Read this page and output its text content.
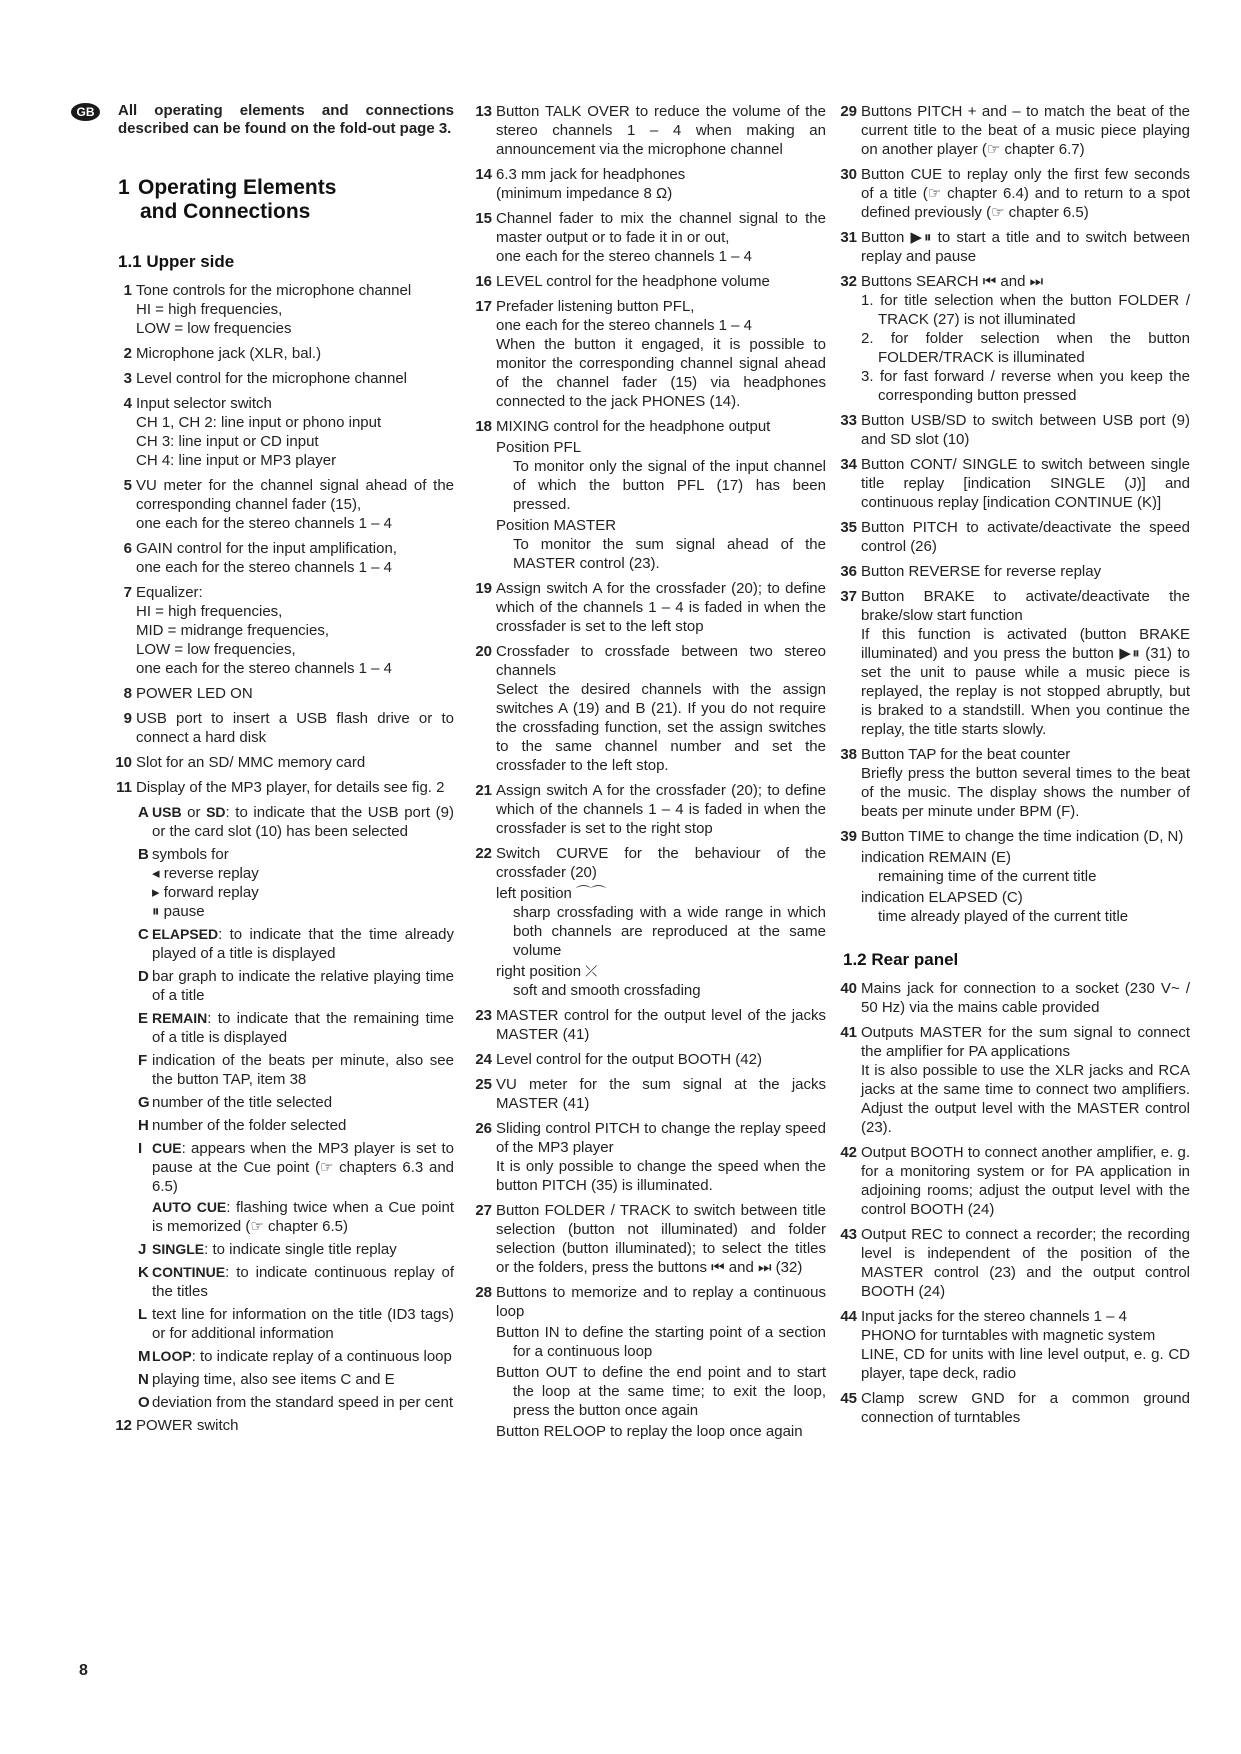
GB	All operating elements and connections described can be found on the fold-out page 3.

1 Operating Elements
and Connections
1.1 Upper side
1 Tone controls for the microphone channel
HI = high frequencies,
LOW = low frequencies
2 Microphone jack (XLR, bal.)
3 Level control for the microphone channel
4 Input selector switch
CH 1, CH 2: line input or phono input
CH 3: line input or CD input
CH 4: line input or MP3 player
5 VU meter for the channel signal ahead of the corresponding channel fader (15),
one each for the stereo channels 1 – 4
6 GAIN control for the input amplification,
one each for the stereo channels 1 – 4
7 Equalizer:
HI = high frequencies,
MID = midrange frequencies,
LOW = low frequencies,
one each for the stereo channels 1 – 4
8 POWER LED ON
9 USB port to insert a USB flash drive or to connect a hard disk
10 Slot for an SD/ MMC memory card
11 Display of the MP3 player, for details see fig. 2
A USB or SD: to indicate that the USB port (9) or the card slot (10) has been selected
B symbols for
◂ reverse replay
▸ forward replay
⏸ pause
C ELAPSED: to indicate that the time already played of a title is displayed
D bar graph to indicate the relative playing time of a title
E REMAIN: to indicate that the remaining time of a title is displayed
F indication of the beats per minute, also see the button TAP, item 38
G number of the title selected
H number of the folder selected
I CUE: appears when the MP3 player is set to pause at the Cue point (☞ chapters 6.3 and 6.5)
AUTO CUE: flashing twice when a Cue point is memorized (☞ chapter 6.5)
J SINGLE: to indicate single title replay
K CONTINUE: to indicate continuous replay of the titles
L text line for information on the title (ID3 tags) or for additional information
M LOOP: to indicate replay of a continuous loop
N playing time, also see items C and E
O deviation from the standard speed in per cent
12 POWER switch
13 Button TALK OVER to reduce the volume of the stereo channels 1 – 4 when making an announcement via the microphone channel
14 6.3 mm jack for headphones
(minimum impedance 8 Ω)
15 Channel fader to mix the channel signal to the master output or to fade it in or out,
one each for the stereo channels 1 – 4
16 LEVEL control for the headphone volume
17 Prefader listening button PFL,
one each for the stereo channels 1 – 4
When the button it engaged, it is possible to monitor the corresponding channel signal ahead of the channel fader (15) via headphones connected to the jack PHONES (14).
18 MIXING control for the headphone output
Position PFL
To monitor only the signal of the input channel of which the button PFL (17) has been pressed.
Position MASTER
To monitor the sum signal ahead of the MASTER control (23).
19 Assign switch A for the crossfader (20); to define which of the channels 1 – 4 is faded in when the crossfader is set to the left stop
20 Crossfader to crossfade between two stereo channels
Select the desired channels with the assign switches A (19) and B (21). If you do not require the crossfading function, set the assign switches to the same channel number and set the crossfader to the left stop.
21 Assign switch A for the crossfader (20); to define which of the channels 1 – 4 is faded in when the crossfader is set to the right stop
22 Switch CURVE for the behaviour of the crossfader (20)
left position ⌒⌒
sharp crossfading with a wide range in which both channels are reproduced at the same volume
right position ⤫
soft and smooth crossfading
23 MASTER control for the output level of the jacks MASTER (41)
24 Level control for the output BOOTH (42)
25 VU meter for the sum signal at the jacks MASTER (41)
26 Sliding control PITCH to change the replay speed of the MP3 player
It is only possible to change the speed when the button PITCH (35) is illuminated.
27 Button FOLDER / TRACK to switch between title selection (button not illuminated) and folder selection (button illuminated); to select the titles or the folders, press the buttons ⏮ and ⏭ (32)
28 Buttons to memorize and to replay a continuous loop
Button IN to define the starting point of a section for a continuous loop
Button OUT to define the end point and to start the loop at the same time; to exit the loop, press the button once again
Button RELOOP to replay the loop once again
29 Buttons PITCH + and – to match the beat of the current title to the beat of a music piece playing on another player (☞ chapter 6.7)
30 Button CUE to replay only the first few seconds of a title (☞ chapter 6.4) and to return to a spot defined previously (☞ chapter 6.5)
31 Button ▶⏸ to start a title and to switch between replay and pause
32 Buttons SEARCH ⏮ and ⏭
1. for title selection when the button FOLDER / TRACK (27) is not illuminated
2. for folder selection when the button FOLDER/TRACK is illuminated
3. for fast forward / reverse when you keep the corresponding button pressed
33 Button USB/SD to switch between USB port (9) and SD slot (10)
34 Button CONT/ SINGLE to switch between single title replay [indication SINGLE (J)] and continuous replay [indication CONTINUE (K)]
35 Button PITCH to activate/deactivate the speed control (26)
36 Button REVERSE for reverse replay
37 Button BRAKE to activate/deactivate the brake/slow start function
If this function is activated (button BRAKE illuminated) and you press the button ▶⏸ (31) to set the unit to pause while a music piece is replayed, the replay is not stopped abruptly, but is braked to a standstill. When you continue the replay, the title starts slowly.
38 Button TAP for the beat counter
Briefly press the button several times to the beat of the music. The display shows the number of beats per minute under BPM (F).
39 Button TIME to change the time indication (D, N)
indication REMAIN (E)
remaining time of the current title
indication ELAPSED (C)
time already played of the current title
1.2 Rear panel
40 Mains jack for connection to a socket (230 V~ / 50 Hz) via the mains cable provided
41 Outputs MASTER for the sum signal to connect the amplifier for PA applications
It is also possible to use the XLR jacks and RCA jacks at the same time to connect two amplifiers. Adjust the output level with the MASTER control (23).
42 Output BOOTH to connect another amplifier, e. g. for a monitoring system or for PA application in adjoining rooms; adjust the output level with the control BOOTH (24)
43 Output REC to connect a recorder; the recording level is independent of the position of the MASTER control (23) and the output control BOOTH (24)
44 Input jacks for the stereo channels 1 – 4
PHONO for turntables with magnetic system
LINE, CD for units with line level output, e. g. CD player, tape deck, radio
45 Clamp screw GND for a common ground connection of turntables
8
